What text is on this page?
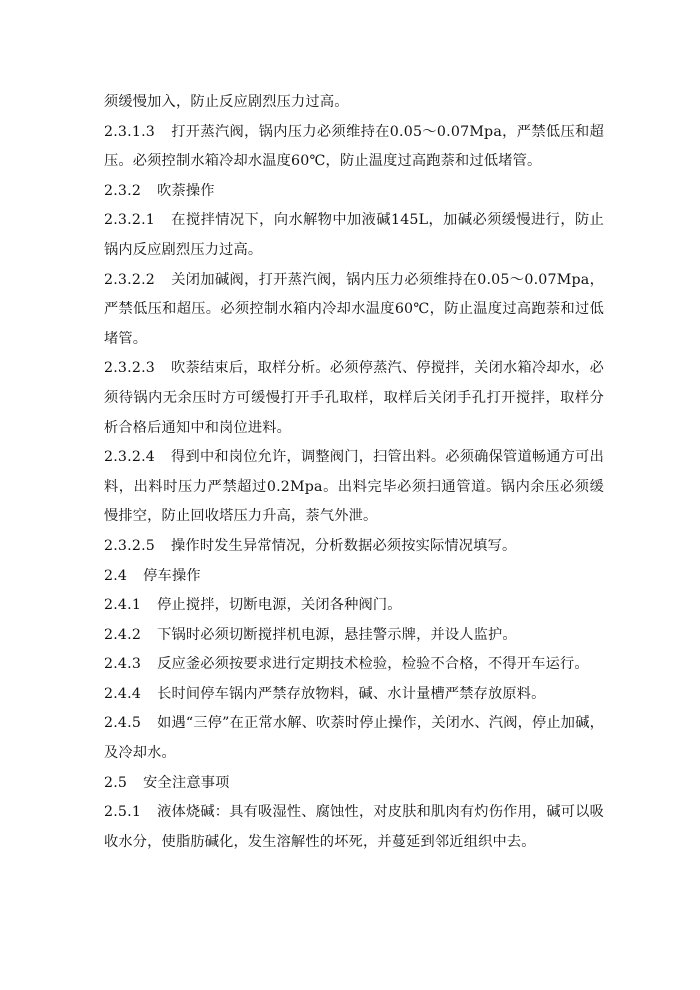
须缓慢加入，防止反应剧烈压力过高。

2.3.1.3 打开蒸汽阀，锅内压力必须维持在0.05～0.07Mpa，严禁低压和超压。必须控制水箱冷却水温度60℃，防止温度过高跑萘和过低堵管。

2.3.2 吹萘操作

2.3.2.1 在搅拌情况下，向水解物中加液碱145L，加碱必须缓慢进行，防止锅内反应剧烈压力过高。

2.3.2.2 关闭加碱阀，打开蒸汽阀，锅内压力必须维持在0.05～0.07Mpa，严禁低压和超压。必须控制水箱内冷却水温度60℃，防止温度过高跑萘和过低堵管。

2.3.2.3 吹萘结束后，取样分析。必须停蒸汽、停搅拌，关闭水箱冷却水，必须待锅内无余压时方可缓慢打开手孔取样，取样后关闭手孔打开搅拌，取样分析合格后通知中和岗位进料。

2.3.2.4 得到中和岗位允许，调整阀门，扫管出料。必须确保管道畅通方可出料，出料时压力严禁超过0.2Mpa。出料完毕必须扫通管道。锅内余压必须缓慢排空，防止回收塔压力升高，萘气外泄。

2.3.2.5 操作时发生异常情况，分析数据必须按实际情况填写。

2.4 停车操作

2.4.1 停止搅拌，切断电源，关闭各种阀门。

2.4.2 下锅时必须切断搅拌机电源，悬挂警示牌，并设人监护。

2.4.3 反应釜必须按要求进行定期技术检验，检验不合格，不得开车运行。

2.4.4 长时间停车锅内严禁存放物料，碱、水计量槽严禁存放原料。

2.4.5 如遇“三停”在正常水解、吹萘时停止操作，关闭水、汽阀，停止加碱，及冷却水。

2.5 安全注意事项

2.5.1 液体烧碱：具有吸湿性、腐蚀性，对皮肤和肌肉有灼伤作用，碱可以吸收水分，使脂肪碱化，发生溶解性的坏死，并蔓延到邻近组织中去。
